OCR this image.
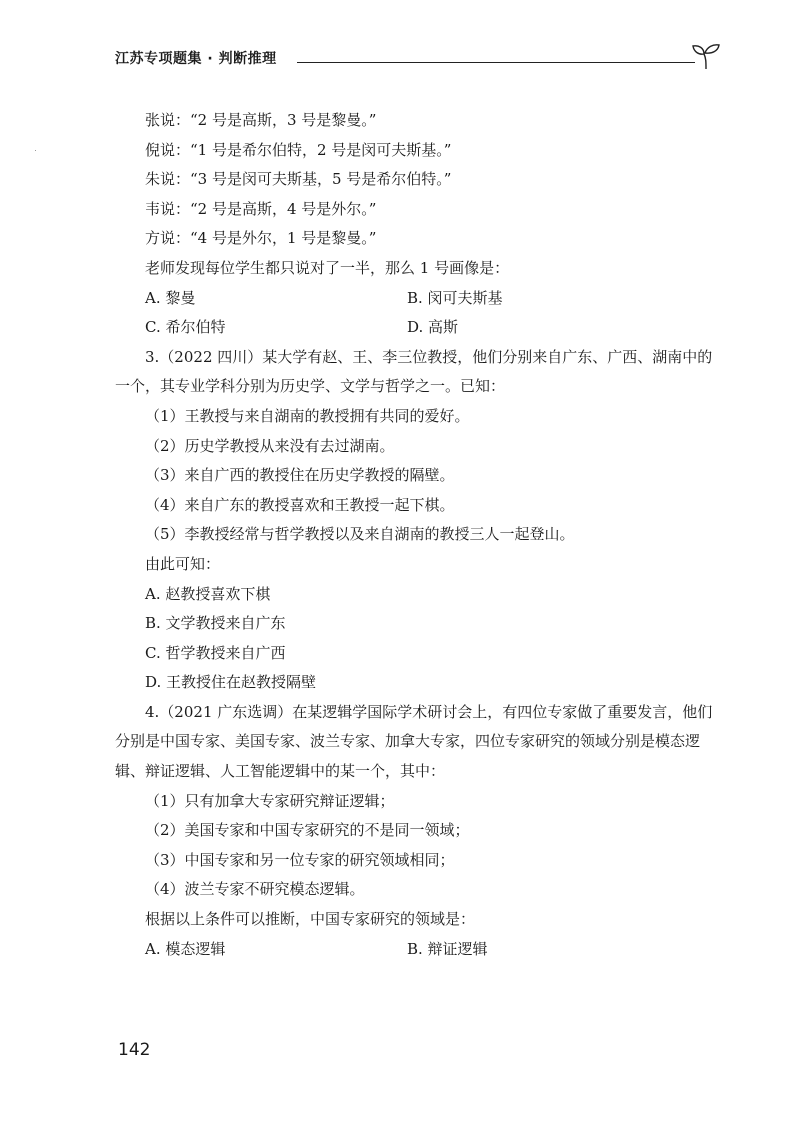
江苏专项题集 · 判断推理
张说：“2 号是高斯，3 号是黎曼。”
倪说：“1 号是希尔伯特，2 号是闵可夫斯基。”
朱说：“3 号是闵可夫斯基，5 号是希尔伯特。”
韦说：“2 号是高斯，4 号是外尔。”
方说：“4 号是外尔，1 号是黎曼。”
老师发现每位学生都只说对了一半，那么 1 号画像是：
A. 黎曼	B. 闵可夫斯基
C. 希尔伯特	D. 高斯
3.（2022 四川）某大学有赵、王、李三位教授，他们分别来自广东、广西、湖南中的一个，其专业学科分别为历史学、文学与哲学之一。已知：
（1）王教授与来自湖南的教授拥有共同的爱好。
（2）历史学教授从来没有去过湖南。
（3）来自广西的教授住在历史学教授的隔壁。
（4）来自广东的教授喜欢和王教授一起下棋。
（5）李教授经常与哲学教授以及来自湖南的教授三人一起登山。
由此可知：
A. 赵教授喜欢下棋
B. 文学教授来自广东
C. 哲学教授来自广西
D. 王教授住在赵教授隔壁
4.（2021 广东选调）在某逻辑学国际学术研讨会上，有四位专家做了重要发言，他们分别是中国专家、美国专家、波兰专家、加拿大专家，四位专家研究的领域分别是模态逻辑、辩证逻辑、人工智能逻辑中的某一个，其中：
（1）只有加拿大专家研究辩证逻辑；
（2）美国专家和中国专家研究的不是同一领域；
（3）中国专家和另一位专家的研究领域相同；
（4）波兰专家不研究模态逻辑。
根据以上条件可以推断，中国专家研究的领域是：
A. 模态逻辑	B. 辩证逻辑
142
